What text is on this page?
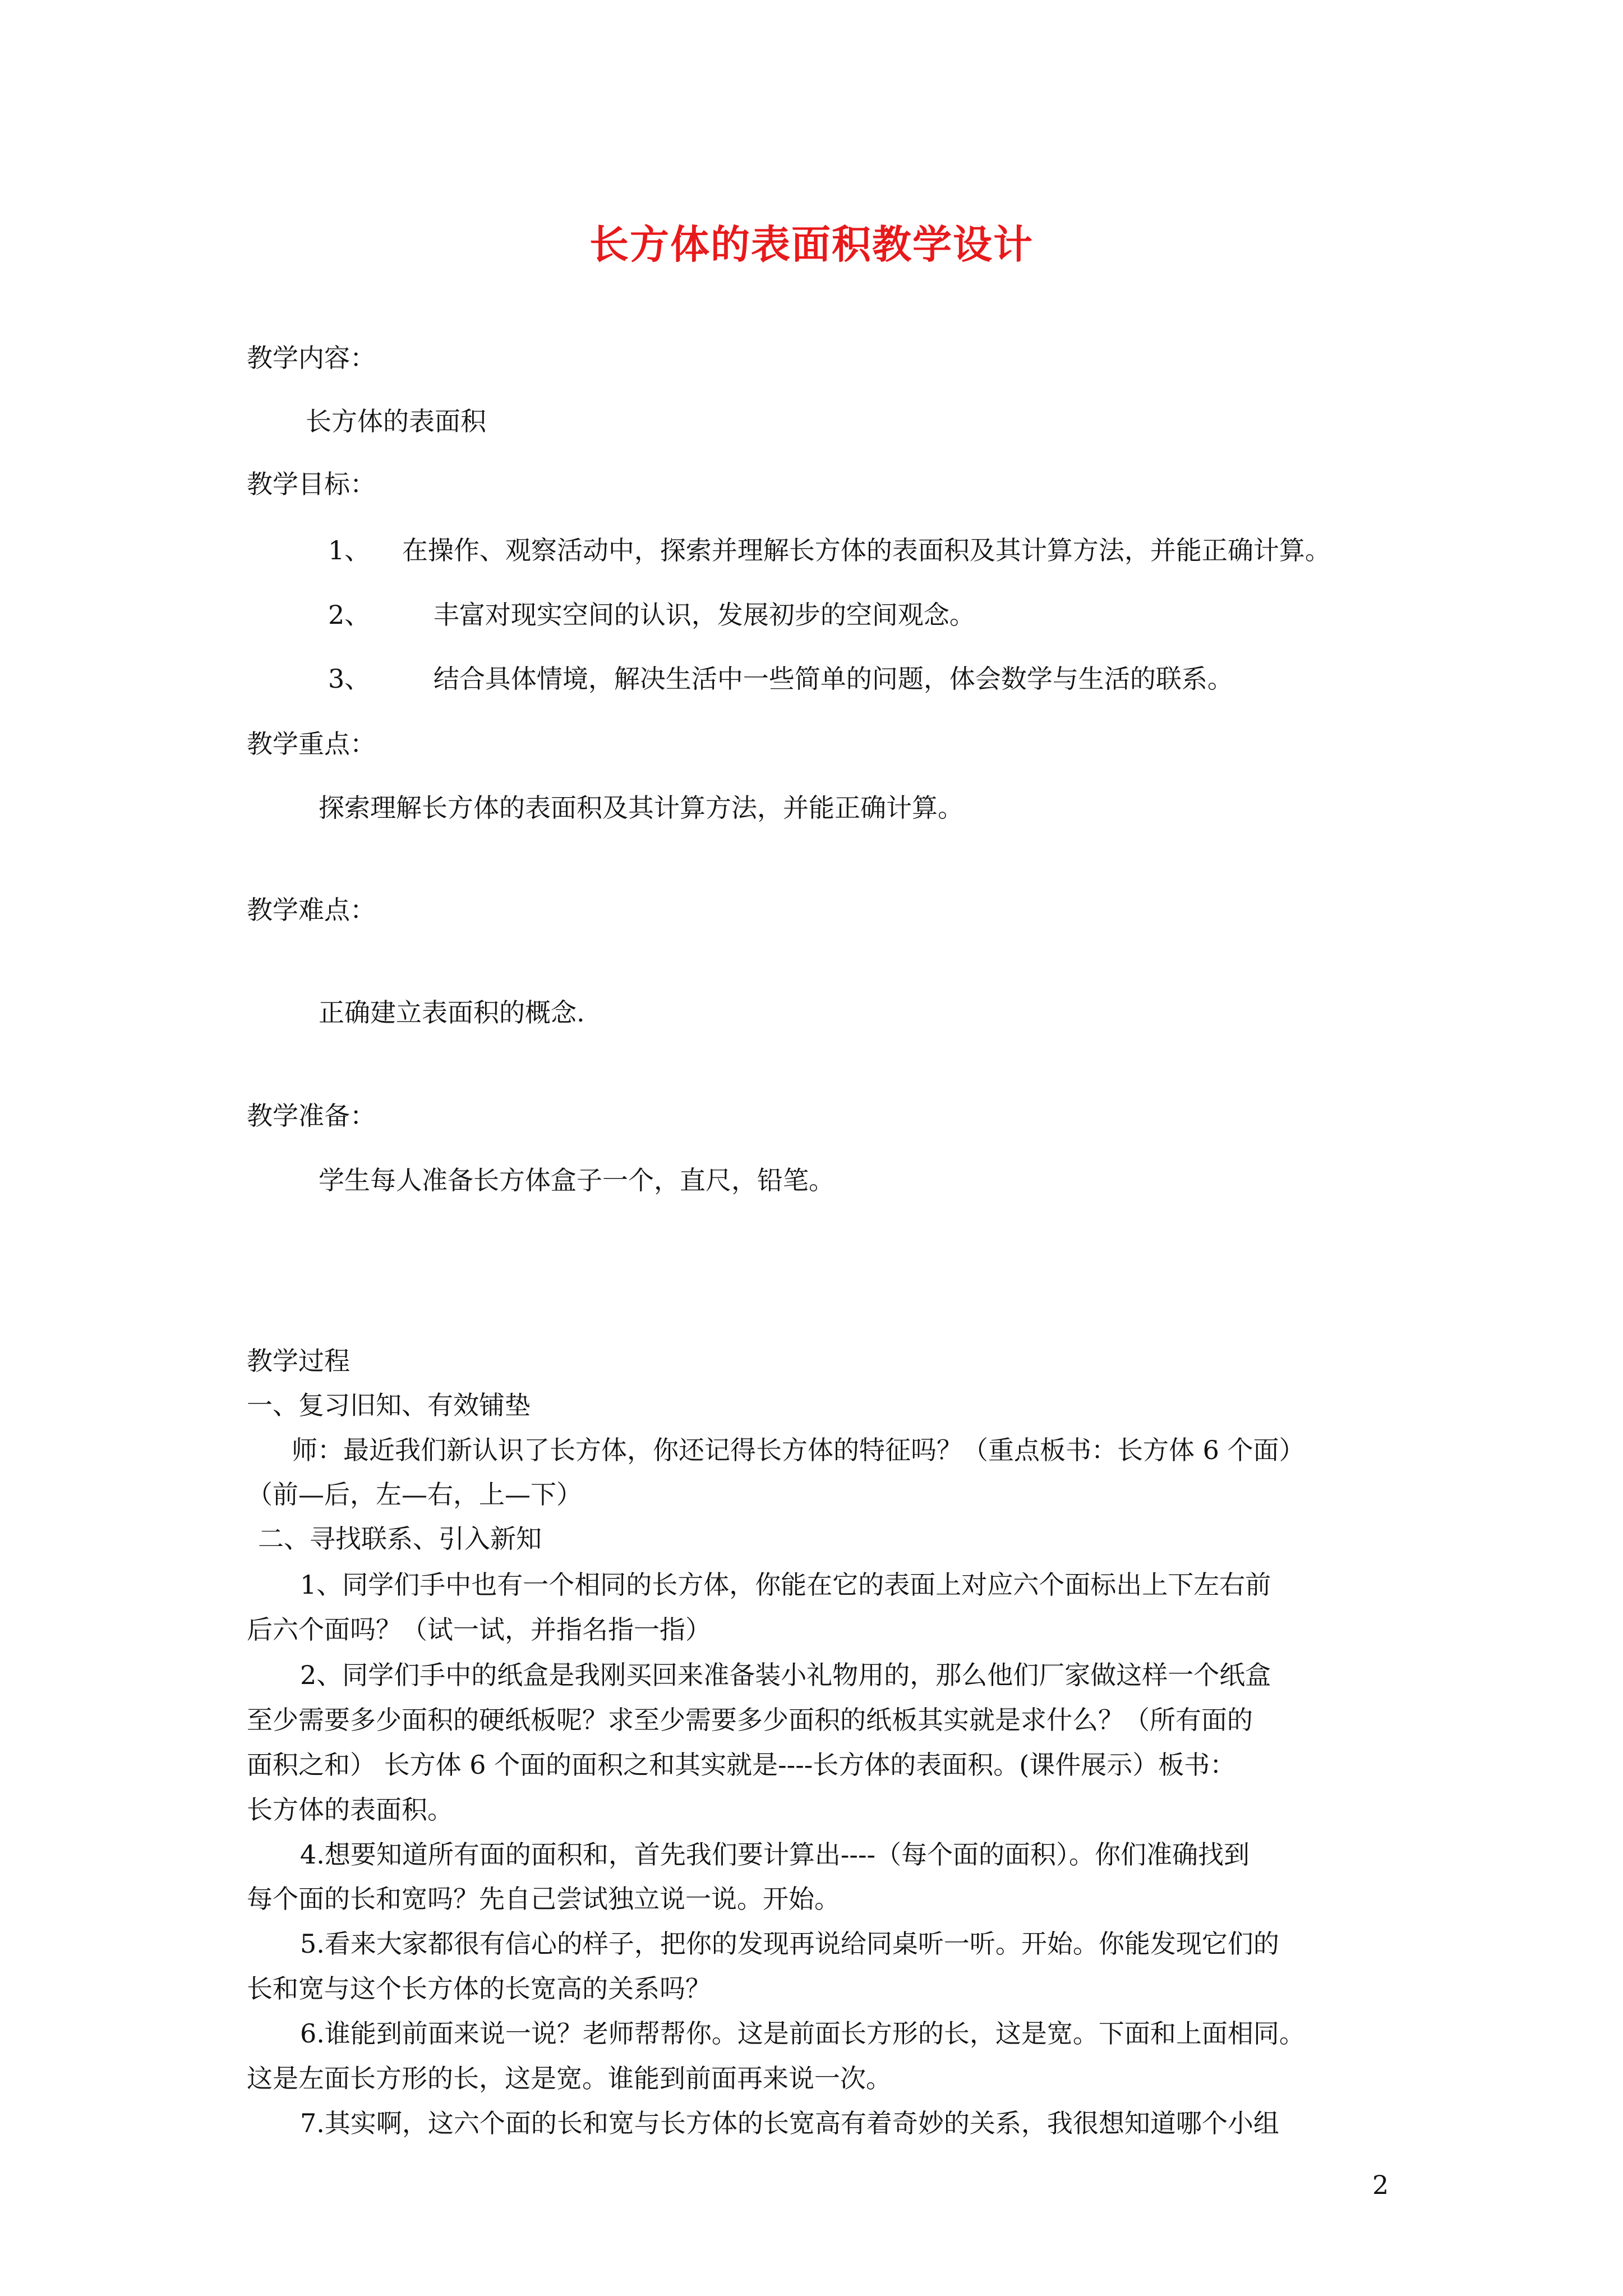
长方体的表面积教学设计

教学内容：

长方体的表面积

教学目标：

1、 在操作、观察活动中，探索并理解长方体的表面积及其计算方法，并能正确计算。

2、 丰富对现实空间的认识，发展初步的空间观念。

3、 结合具体情境，解决生活中一些简单的问题，体会数学与生活的联系。

教学重点：

探索理解长方体的表面积及其计算方法，并能正确计算。

教学难点：

正确建立表面积的概念.

教学准备：

学生每人准备长方体盒子一个，直尺，铅笔。

教学过程

一、复习旧知、有效铺垫

师：最近我们新认识了长方体，你还记得长方体的特征吗？（重点板书：长方体 6 个面）

（前—后，左—右，上—下）

二、寻找联系、引入新知

1、同学们手中也有一个相同的长方体，你能在它的表面上对应六个面标出上下左右前

后六个面吗？（试一试，并指名指一指）

2、同学们手中的纸盒是我刚买回来准备装小礼物用的，那么他们厂家做这样一个纸盒

至少需要多少面积的硬纸板呢？求至少需要多少面积的纸板其实就是求什么？（所有面的

面积之和） 长方体 6 个面的面积之和其实就是----长方体的表面积。(课件展示）板书：

长方体的表面积。

4.想要知道所有面的面积和，首先我们要计算出----（每个面的面积）。你们准确找到

每个面的长和宽吗？先自己尝试独立说一说。开始。

5.看来大家都很有信心的样子，把你的发现再说给同桌听一听。开始。你能发现它们的

长和宽与这个长方体的长宽高的关系吗？

6.谁能到前面来说一说？老师帮帮你。这是前面长方形的长，这是宽。下面和上面相同。

这是左面长方形的长，这是宽。谁能到前面再来说一次。

7.其实啊，这六个面的长和宽与长方体的长宽高有着奇妙的关系，我很想知道哪个小组

2
